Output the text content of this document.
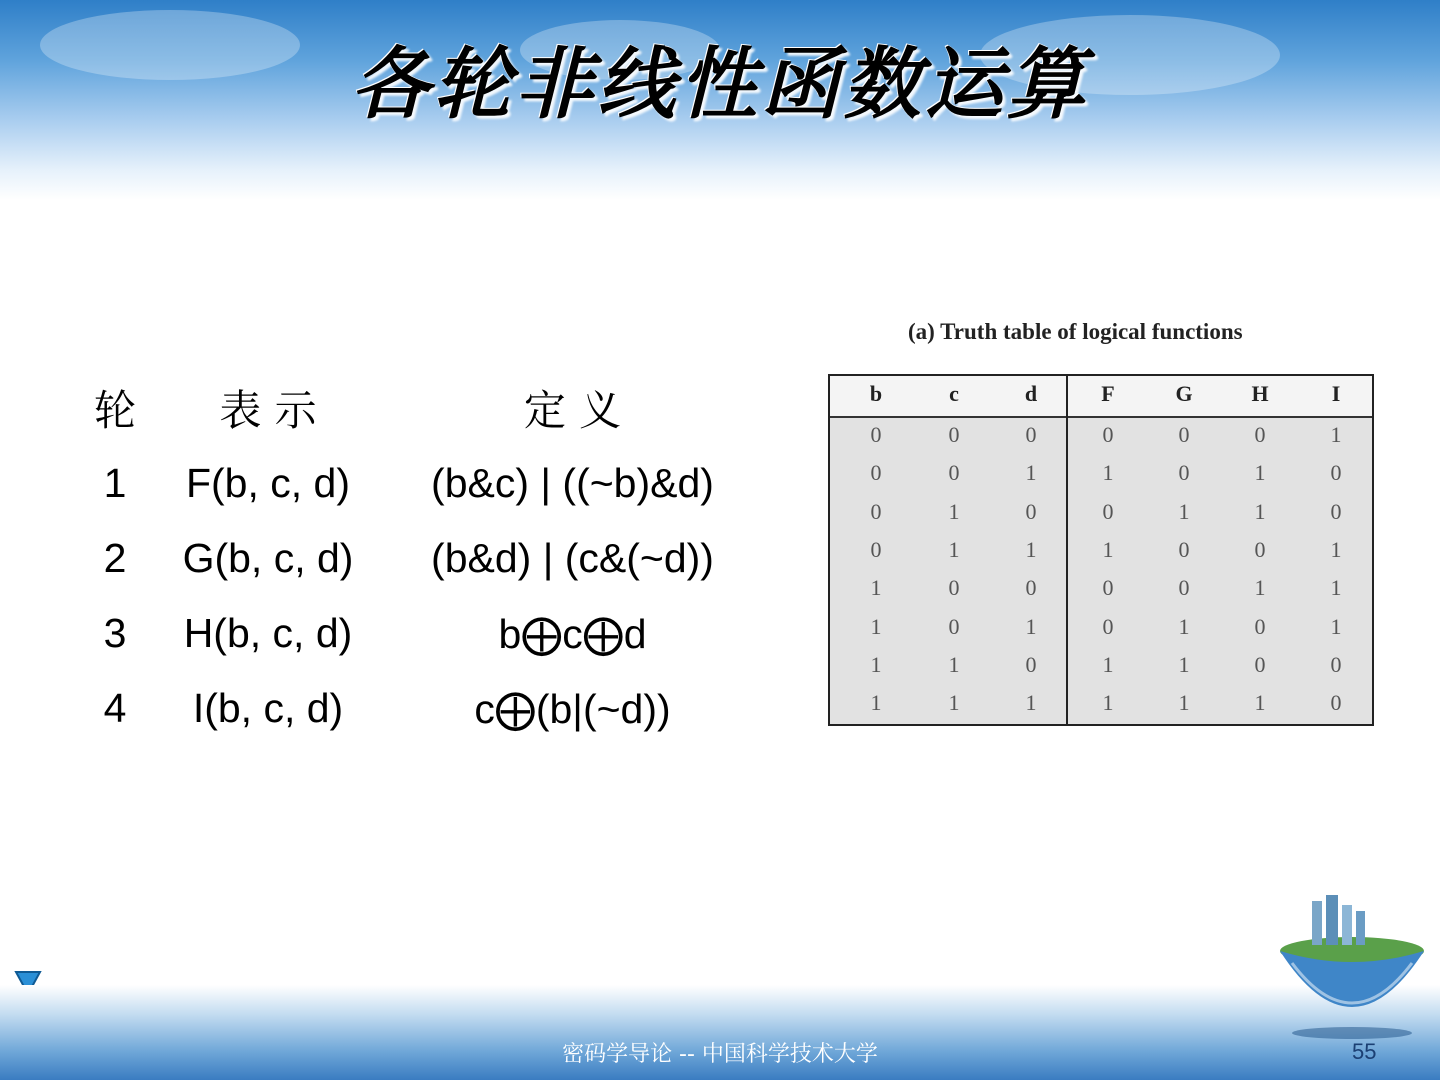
各轮非线性函数运算
轮	表 示	定 义
1	F(b, c, d)	(b&c) | ((~b)&d)
2	G(b, c, d)	(b&d) | (c&(~d))
3	H(b, c, d)	b⨁c⨁d
4	I(b, c, d)	c⨁(b|(~d))
(a) Truth table of logical functions
b	c	d	F	G	H	I
0	0	0	0	0	0	1
0	0	1	1	0	1	0
0	1	0	0	1	1	0
0	1	1	1	0	0	1
1	0	0	0	0	1	1
1	0	1	0	1	0	1
1	1	0	1	1	0	0
1	1	1	1	1	1	0
密码学导论 -- 中国科学技术大学	55
